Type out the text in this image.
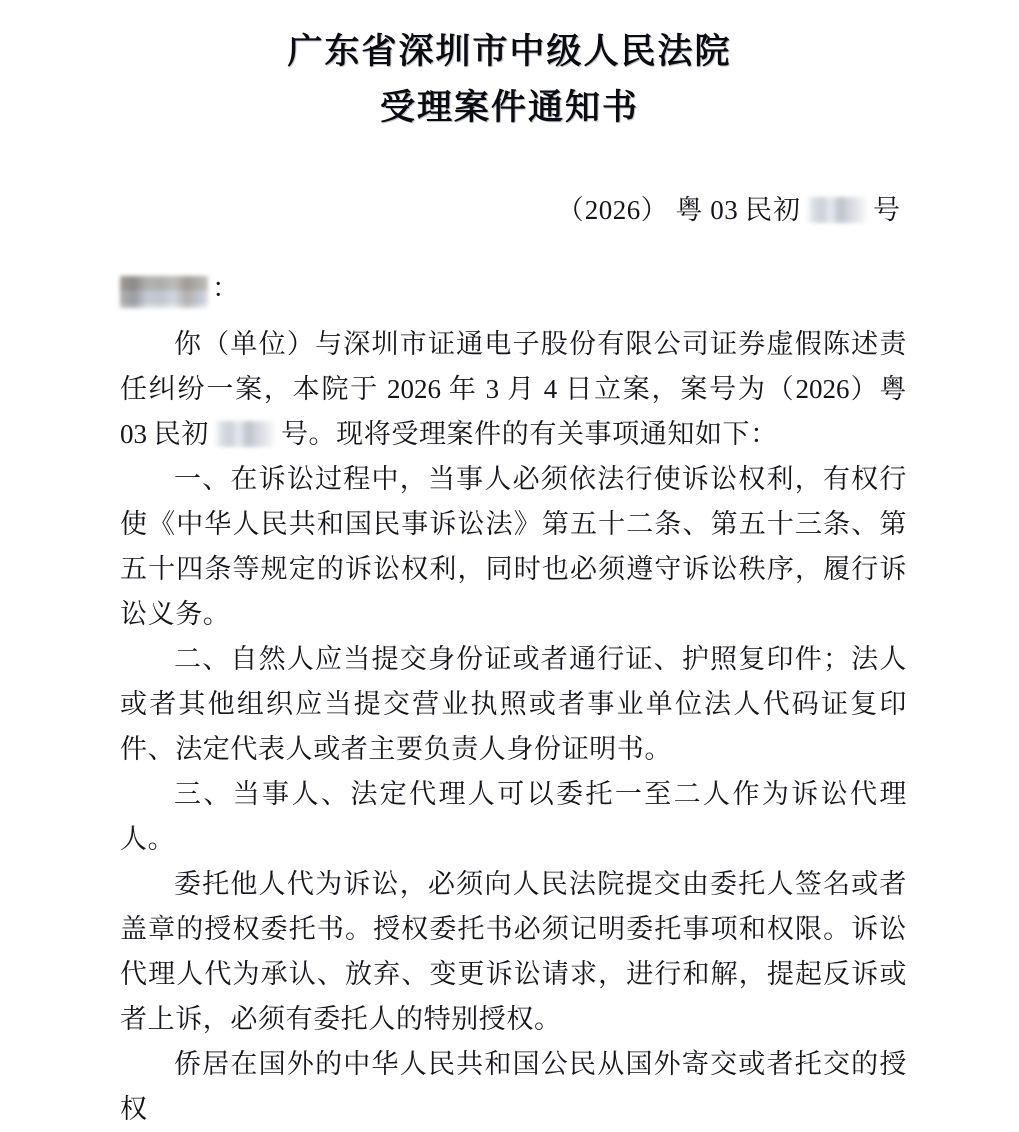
广东省深圳市中级人民法院
受理案件通知书
（2026） 粤 03 民初	号
：

你（单位）与深圳市证通电子股份有限公司证券虚假陈述责任纠纷一案，本院于 2026 年 3 月 4 日立案，案号为（2026）粤 03 民初	号。现将受理案件的有关事项通知如下：

一、在诉讼过程中，当事人必须依法行使诉讼权利，有权行使《中华人民共和国民事诉讼法》第五十二条、第五十三条、第五十四条等规定的诉讼权利，同时也必须遵守诉讼秩序，履行诉讼义务。

二、自然人应当提交身份证或者通行证、护照复印件；法人或者其他组织应当提交营业执照或者事业单位法人代码证复印件、法定代表人或者主要负责人身份证明书。

三、当事人、法定代理人可以委托一至二人作为诉讼代理人。

委托他人代为诉讼，必须向人民法院提交由委托人签名或者盖章的授权委托书。授权委托书必须记明委托事项和权限。诉讼代理人代为承认、放弃、变更诉讼请求，进行和解，提起反诉或者上诉，必须有委托人的特别授权。

侨居在国外的中华人民共和国公民从国外寄交或者托交的授权
